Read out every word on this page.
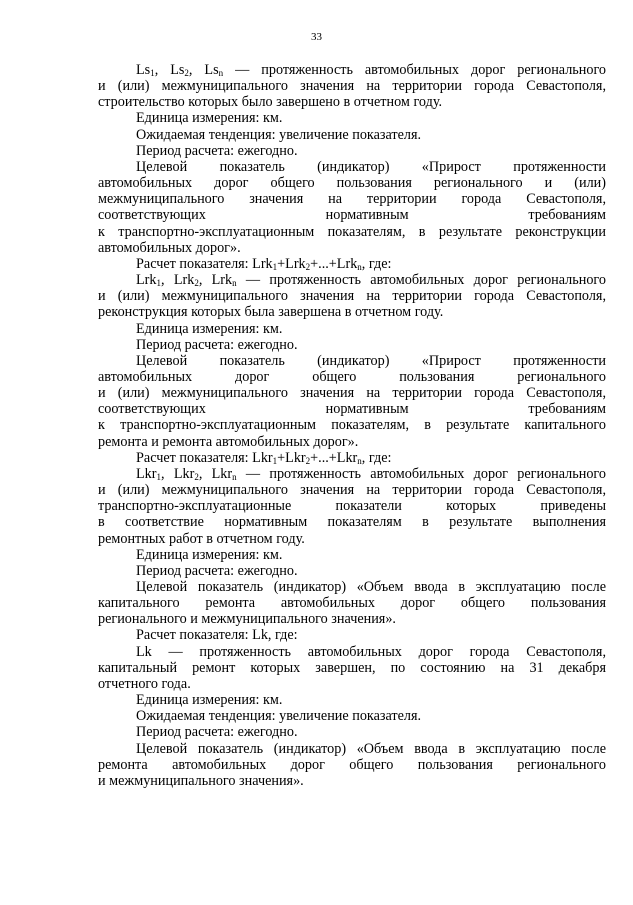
33

$Ls_1$, $Ls_2$, $Ls_n$ — протяженность автомобильных дорог регионального

и (или) межмуниципального значения на территории города Севастополя,

строительство которых было завершено в отчетном году.

Единица измерения: км.

Ожидаемая тенденция: увеличение показателя.

Период расчета: ежегодно.

Целевой показатель (индикатор) «Прирост протяженности

автомобильных дорог общего пользования регионального и (или)

межмуниципального значения на территории города Севастополя,

соответствующих нормативным требованиям

к транспортно-эксплуатационным показателям, в результате реконструкции

автомобильных дорог».

Расчет показателя: Lrk$_1$+Lrk$_2$+...+Lrk$_n$, где:

Lrk$_1$, Lrk$_2$, Lrk$_n$ — протяженность автомобильных дорог регионального

и (или) межмуниципального значения на территории города Севастополя,

реконструкция которых была завершена в отчетном году.

Единица измерения: км.

Период расчета: ежегодно.

Целевой показатель (индикатор) «Прирост протяженности

автомобильных дорог общего пользования регионального

и (или) межмуниципального значения на территории города Севастополя,

соответствующих нормативным требованиям

к транспортно-эксплуатационным показателям, в результате капитального

ремонта и ремонта автомобильных дорог».

Расчет показателя: Lkr$_1$+Lkr$_2$+...+Lkr$_n$, где:

Lkr$_1$, Lkr$_2$, Lkr$_n$ — протяженность автомобильных дорог регионального

и (или) межмуниципального значения на территории города Севастополя,

транспортно-эксплуатационные показатели которых приведены

в соответствие нормативным показателям в результате выполнения

ремонтных работ в отчетном году.

Единица измерения: км.

Период расчета: ежегодно.

Целевой показатель (индикатор) «Объем ввода в эксплуатацию после

капитального ремонта автомобильных дорог общего пользования

регионального и межмуниципального значения».

Расчет показателя: Lk, где:

Lk — протяженность автомобильных дорог города Севастополя,

капитальный ремонт которых завершен, по состоянию на 31 декабря

отчетного года.

Единица измерения: км.

Ожидаемая тенденция: увеличение показателя.

Период расчета: ежегодно.

Целевой показатель (индикатор) «Объем ввода в эксплуатацию после

ремонта автомобильных дорог общего пользования регионального

и межмуниципального значения».
